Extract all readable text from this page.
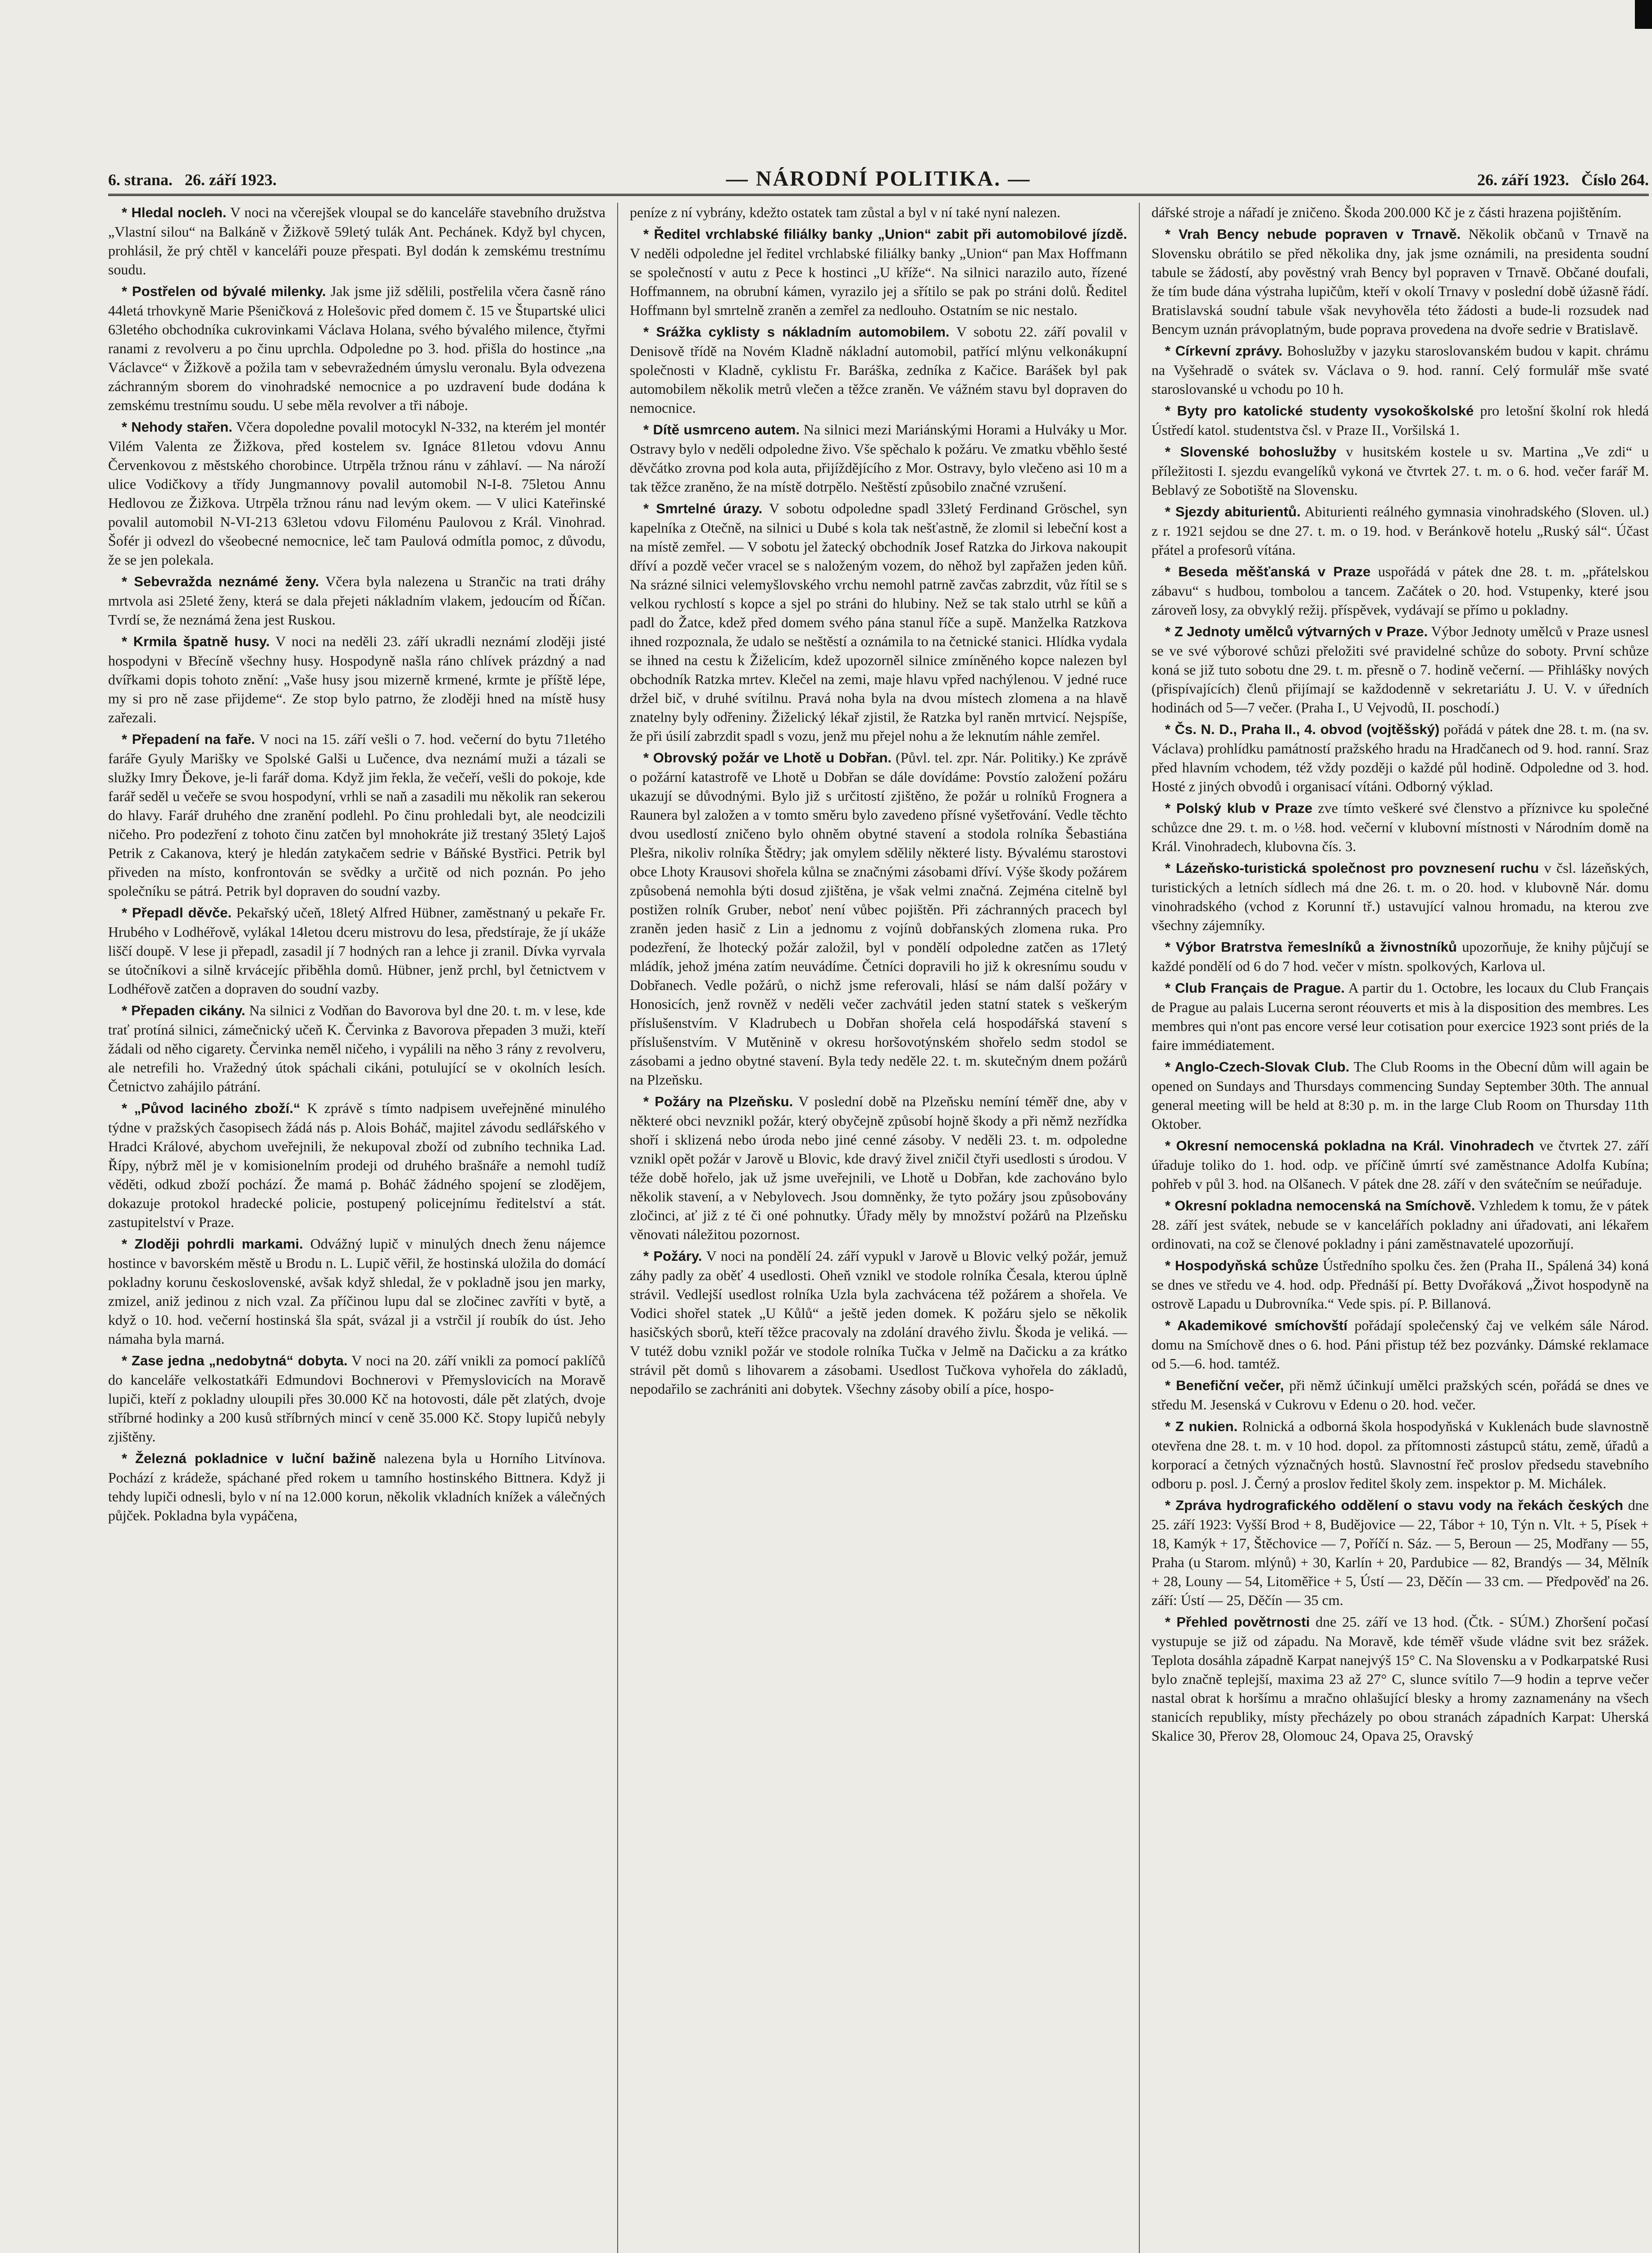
6. strana. 26. září 1923.	— NÁRODNÍ POLITIKA. —	26. září 1923. Číslo 264.

* Hledal nocleh. V noci na včerejšek vloupal se do kanceláře stavebního družstva „Vlastní silou“ na Balkáně v Žižkově 59letý tulák Ant. Pechánek. Když byl chycen, prohlásil, že prý chtěl v kanceláři pouze přespati. Byl dodán k zemskému trestnímu soudu.

* Postřelen od bývalé milenky. Jak jsme již sdělili, postřelila včera časně ráno 44letá trhovkyně Marie Pšeničková z Holešovic před domem č. 15 ve Štupartské ulici 63letého obchodníka cukrovinkami Václava Holana, svého bývalého milence, čtyřmi ranami z revolveru a po činu uprchla. Odpoledne po 3. hod. přišla do hostince „na Václavce“ v Žižkově a požila tam v sebevražedném úmyslu veronalu. Byla odvezena záchranným sborem do vinohradské nemocnice a po uzdravení bude dodána k zemskému trestnímu soudu. U sebe měla revolver a tři náboje.

* Nehody stařen. Včera dopoledne povalil motocykl N-332, na kterém jel montér Vilém Valenta ze Žižkova, před kostelem sv. Ignáce 81letou vdovu Annu Červenkovou z městského chorobince. Utrpěla tržnou ránu v záhlaví. — Na nároží ulice Vodičkovy a třídy Jungmannovy povalil automobil N-I-8. 75letou Annu Hedlovou ze Žižkova. Utrpěla tržnou ránu nad levým okem. — V ulici Kateřinské povalil automobil N-VI-213 63letou vdovu Filoménu Paulovou z Král. Vinohrad. Šofér ji odvezl do všeobecné nemocnice, leč tam Paulová odmítla pomoc, z důvodu, že se jen polekala.

* Sebevražda neznámé ženy. Včera byla nalezena u Strančic na trati dráhy mrtvola asi 25leté ženy, která se dala přejeti nákladním vlakem, jedoucím od Říčan. Tvrdí se, že neznámá žena jest Ruskou.

* Krmila špatně husy. V noci na neděli 23. září ukradli neznámí zloději jisté hospodyni v Břecíně všechny husy. Hospodyně našla ráno chlívek prázdný a nad dvířkami dopis tohoto znění: „Vaše husy jsou mizerně krmené, krmte je příště lépe, my si pro ně zase přijdeme“. Ze stop bylo patrno, že zloději hned na místě husy zařezali.

* Přepadení na faře. V noci na 15. září vešli o 7. hod. večerní do bytu 71letého faráře Gyuly Marišky ve Spolské Galši u Lučence, dva neznámí muži a tázali se služky Imry Ďekove, je-li farář doma. Když jim řekla, že večeří, vešli do pokoje, kde farář seděl u večeře se svou hospodyní, vrhli se naň a zasadili mu několik ran sekerou do hlavy. Farář druhého dne zranění podlehl. Po činu prohledali byt, ale neodcizili ničeho. Pro podezření z tohoto činu zatčen byl mnohokráte již trestaný 35letý Lajoš Petrik z Cakanova, který je hledán zatykačem sedrie v Báňské Bystřici. Petrik byl přiveden na místo, konfrontován se svědky a určitě od nich poznán. Po jeho společníku se pátrá. Petrik byl dopraven do soudní vazby.

* Přepadl děvče. Pekařský učeň, 18letý Alfred Hübner, zaměstnaný u pekaře Fr. Hrubého v Lodhéřově, vylákal 14letou dceru mistrovu do lesa, předstíraje, že jí ukáže liščí doupě. V lese ji přepadl, zasadil jí 7 hodných ran a lehce ji zranil. Dívka vyrvala se útočníkovi a silně krvácejíc přiběhla domů. Hübner, jenž prchl, byl četnictvem v Lodhéřově zatčen a dopraven do soudní vazby.

* Přepaden cikány. Na silnici z Vodňan do Bavorova byl dne 20. t. m. v lese, kde trať protíná silnici, zámečnický učeň K. Červinka z Bavorova přepaden 3 muži, kteří žádali od něho cigarety. Červinka neměl ničeho, i vypálili na něho 3 rány z revolveru, ale netrefili ho. Vražedný útok spáchali cikáni, potulující se v okolních lesích. Četnictvo zahájilo pátrání.

* „Původ laciného zboží.“ K zprávě s tímto nadpisem uveřejněné minulého týdne v pražských časopisech žádá nás p. Alois Boháč, majitel závodu sedlářského v Hradci Králové, abychom uveřejnili, že nekupoval zboží od zubního technika Lad. Řípy, nýbrž měl je v komisionelním prodeji od druhého brašnáře a nemohl tudíž věděti, odkud zboží pochází. Že mamá p. Boháč žádného spojení se zlodějem, dokazuje protokol hradecké policie, postupený policejnímu ředitelství a stát. zastupitelství v Praze.

* Zloději pohrdli markami. Odvážný lupič v minulých dnech ženu nájemce hostince v bavorském městě u Brodu n. L. Lupič věřil, že hostinská uložila do domácí pokladny korunu československé, avšak když shledal, že v pokladně jsou jen marky, zmizel, aniž jedinou z nich vzal. Za příčinou lupu dal se zločinec zavříti v bytě, a když o 10. hod. večerní hostinská šla spát, svázal ji a vstrčil jí roubík do úst. Jeho námaha byla marná.

* Zase jedna „nedobytná“ dobyta. V noci na 20. září vnikli za pomocí paklíčů do kanceláře velkostatkáři Edmundovi Bochnerovi v Přemyslovicích na Moravě lupiči, kteří z pokladny uloupili přes 30.000 Kč na hotovosti, dále pět zlatých, dvoje stříbrné hodinky a 200 kusů stříbrných mincí v ceně 35.000 Kč. Stopy lupičů nebyly zjištěny.

* Železná pokladnice v luční bažině nalezena byla u Horního Litvínova. Pochází z krádeže, spáchané před rokem u tamního hostinského Bittnera. Když ji tehdy lupiči odnesli, bylo v ní na 12.000 korun, několik vkladních knížek a válečných půjček. Pokladna byla vypáčena,

peníze z ní vybrány, kdežto ostatek tam zůstal a byl v ní také nyní nalezen.

* Ředitel vrchlabské filiálky banky „Union“ zabit při automobilové jízdě. V neděli odpoledne jel ředitel vrchlabské filiálky banky „Union“ pan Max Hoffmann se společností v autu z Pece k hostinci „U kříže“. Na silnici narazilo auto, řízené Hoffmannem, na obrubní kámen, vyrazilo jej a sřítilo se pak po stráni dolů. Ředitel Hoffmann byl smrtelně zraněn a zemřel za nedlouho. Ostatním se nic nestalo.

* Srážka cyklisty s nákladním automobilem. V sobotu 22. září povalil v Denisově třídě na Novém Kladně nákladní automobil, patřící mlýnu velkonákupní společnosti v Kladně, cyklistu Fr. Baráška, zedníka z Kačice. Barášek byl pak automobilem několik metrů vlečen a těžce zraněn. Ve vážném stavu byl dopraven do nemocnice.

* Dítě usmrceno autem. Na silnici mezi Mariánskými Horami a Hulváky u Mor. Ostravy bylo v neděli odpoledne živo. Vše spěchalo k požáru. Ve zmatku vběhlo šesté děvčátko zrovna pod kola auta, přijíždějícího z Mor. Ostravy, bylo vlečeno asi 10 m a tak těžce zraněno, že na místě dotrpělo. Neštěstí způsobilo značné vzrušení.

* Smrtelné úrazy. V sobotu odpoledne spadl 33letý Ferdinand Gröschel, syn kapelníka z Otečně, na silnici u Dubé s kola tak nešťastně, že zlomil si lebeční kost a na místě zemřel. — V sobotu jel žatecký obchodník Josef Ratzka do Jirkova nakoupit dříví a pozdě večer vracel se s naloženým vozem, do něhož byl zapřažen jeden kůň. Na srázné silnici velemyšlovského vrchu nemohl patrně zavčas zabrzdit, vůz řítil se s velkou rychlostí s kopce a sjel po stráni do hlubiny. Než se tak stalo utrhl se kůň a padl do Žatce, kdež před domem svého pána stanul říče a supě. Manželka Ratzkova ihned rozpoznala, že udalo se neštěstí a oznámila to na četnické stanici. Hlídka vydala se ihned na cestu k Žiželicím, kdež upozorněl silnice zmíněného kopce nalezen byl obchodník Ratzka mrtev. Klečel na zemi, maje hlavu vpřed nachýlenou. V jedné ruce držel bič, v druhé svítilnu. Pravá noha byla na dvou místech zlomena a na hlavě znatelny byly odřeniny. Žiželický lékař zjistil, že Ratzka byl raněn mrtvicí. Nejspíše, že při úsilí zabrzdit spadl s vozu, jenž mu přejel nohu a že leknutím náhle zemřel.

* Obrovský požár ve Lhotě u Dobřan. (Půvl. tel. zpr. Nár. Politiky.) Ke zprávě o požární katastrofě ve Lhotě u Dobřan se dále dovídáme: Povstío založení požáru ukazují se důvodnými. Bylo již s určitostí zjištěno, že požár u rolníků Frognera a Raunera byl založen a v tomto směru bylo zavedeno přísné vyšetřování. Vedle těchto dvou usedlostí zničeno bylo ohněm obytné stavení a stodola rolníka Šebastiána Plešra, nikoliv rolníka Štědry; jak omylem sdělily některé listy. Bývalému starostovi obce Lhoty Krausovi shořela kůlna se značnými zásobami dříví. Výše škody požárem způsobená nemohla býti dosud zjištěna, je však velmi značná. Zejména citelně byl postižen rolník Gruber, neboť není vůbec pojištěn. Při záchranných pracech byl zraněn jeden hasič z Lin a jednomu z vojínů dobřanských zlomena ruka. Pro podezření, že lhotecký požár založil, byl v pondělí odpoledne zatčen as 17letý mládík, jehož jména zatím neuvádíme. Četníci dopravili ho již k okresnímu soudu v Dobřanech. Vedle požárů, o nichž jsme referovali, hlásí se nám další požáry v Honosicích, jenž rovněž v neděli večer zachvátil jeden statní statek s veškerým příslušenstvím. V Kladrubech u Dobřan shořela celá hospodářská stavení s příslušenstvím. V Mutěnině v okresu horšovotýnském shořelo sedm stodol se zásobami a jedno obytné stavení. Byla tedy neděle 22. t. m. skutečným dnem požárů na Plzeňsku.

* Požáry na Plzeňsku. V poslední době na Plzeňsku nemíní téměř dne, aby v některé obci nevznikl požár, který obyčejně způsobí hojně škody a při němž nezřídka shoří i sklizená nebo úroda nebo jiné cenné zásoby. V neděli 23. t. m. odpoledne vznikl opět požár v Jarově u Blovic, kde dravý živel zničil čtyři usedlosti s úrodou. V téže době hořelo, jak už jsme uveřejnili, ve Lhotě u Dobřan, kde zachováno bylo několik stavení, a v Nebylovech. Jsou domněnky, že tyto požáry jsou způsobovány zločinci, ať již z té či oné pohnutky. Úřady měly by množství požárů na Plzeňsku věnovati náležitou pozornost.

* Požáry. V noci na pondělí 24. září vypukl v Jarově u Blovic velký požár, jemuž záhy padly za oběť 4 usedlosti. Oheň vznikl ve stodole rolníka Česala, kterou úplně strávil. Vedlejší usedlost rolníka Uzla byla zachvácena též požárem a shořela. Ve Vodici shořel statek „U Kůlů“ a ještě jeden domek. K požáru sjelo se několik hasičských sborů, kteří těžce pracovaly na zdolání dravého živlu. Škoda je veliká. — V tutéž dobu vznikl požár ve stodole rolníka Tučka v Jelmě na Dačicku a za krátko strávil pět domů s lihovarem a zásobami. Usedlost Tučkova vyhořela do základů, nepodařilo se zachrániti ani dobytek. Všechny zásoby obilí a píce, hospo-

dářské stroje a nářadí je zničeno. Škoda 200.000 Kč je z části hrazena pojištěním.

* Vrah Bency nebude popraven v Trnavě. Několik občanů v Trnavě na Slovensku obrátilo se před několika dny, jak jsme oznámili, na presidenta soudní tabule se žádostí, aby pověstný vrah Bency byl popraven v Trnavě. Občané doufali, že tím bude dána výstraha lupičům, kteří v okolí Trnavy v poslední době úžasně řádí. Bratislavská soudní tabule však nevyhověla této žádosti a bude-li rozsudek nad Bencym uznán právoplatným, bude poprava provedena na dvoře sedrie v Bratislavě.

* Církevní zprávy. Bohoslužby v jazyku staroslovanském budou v kapit. chrámu na Vyšehradě o svátek sv. Václava o 9. hod. ranní. Celý formulář mše svaté staroslovanské u vchodu po 10 h.

* Byty pro katolické studenty vysokoškolské pro letošní školní rok hledá Ústředí katol. studentstva čsl. v Praze II., Voršilská 1.

* Slovenské bohoslužby v husitském kostele u sv. Martina „Ve zdi“ u příležitosti I. sjezdu evangelíků vykoná ve čtvrtek 27. t. m. o 6. hod. večer farář M. Beblavý ze Sobotiště na Slovensku.

* Sjezdy abiturientů. Abiturienti reálného gymnasia vinohradského (Sloven. ul.) z r. 1921 sejdou se dne 27. t. m. o 19. hod. v Beránkově hotelu „Ruský sál“. Účast přátel a profesorů vítána.

* Beseda měšťanská v Praze uspořádá v pátek dne 28. t. m. „přátelskou zábavu“ s hudbou, tombolou a tancem. Začátek o 20. hod. Vstupenky, které jsou zároveň losy, za obvyklý režij. příspěvek, vydávají se přímo u pokladny.

* Z Jednoty umělců výtvarných v Praze. Výbor Jednoty umělců v Praze usnesl se ve své výborové schůzi přeložiti své pravidelné schůze do soboty. První schůze koná se již tuto sobotu dne 29. t. m. přesně o 7. hodině večerní. — Přihlášky nových (přispívajících) členů přijímají se každodenně v sekretariátu J. U. V. v úředních hodinách od 5—7 večer. (Praha I., U Vejvodů, II. poschodí.)

* Čs. N. D., Praha II., 4. obvod (vojtěšský) pořádá v pátek dne 28. t. m. (na sv. Václava) prohlídku památností pražského hradu na Hradčanech od 9. hod. ranní. Sraz před hlavním vchodem, též vždy později o každé půl hodině. Odpoledne od 3. hod. Hosté z jiných obvodů i organisací vítáni. Odborný výklad.

* Polský klub v Praze zve tímto veškeré své členstvo a příznivce ku společné schůzce dne 29. t. m. o ½8. hod. večerní v klubovní místnosti v Národním domě na Král. Vinohradech, klubovna čís. 3.

* Lázeňsko-turistická společnost pro povznesení ruchu v čsl. lázeňských, turistických a letních sídlech má dne 26. t. m. o 20. hod. v klubovně Nár. domu vinohradského (vchod z Korunní tř.) ustavující valnou hromadu, na kterou zve všechny zájemníky.

* Výbor Bratrstva řemeslníků a živnostníků upozorňuje, že knihy půjčují se každé pondělí od 6 do 7 hod. večer v místn. spolkových, Karlova ul.

* Club Français de Prague. A partir du 1. Octobre, les locaux du Club Français de Prague au palais Lucerna seront réouverts et mis à la disposition des membres. Les membres qui n'ont pas encore versé leur cotisation pour exercice 1923 sont priés de la faire immédiatement.

* Anglo-Czech-Slovak Club. The Club Rooms in the Obecní dům will again be opened on Sundays and Thursdays commencing Sunday September 30th. The annual general meeting will be held at 8:30 p. m. in the large Club Room on Thursday 11th Oktober.

* Okresní nemocenská pokladna na Král. Vinohradech ve čtvrtek 27. září úřaduje toliko do 1. hod. odp. ve příčině úmrtí své zaměstnance Adolfa Kubína; pohřeb v půl 3. hod. na Olšanech. V pátek dne 28. září v den svátečním se neúřaduje.

* Okresní pokladna nemocenská na Smíchově. Vzhledem k tomu, že v pátek 28. září jest svátek, nebude se v kancelářích pokladny ani úřadovati, ani lékařem ordinovati, na což se členové pokladny i páni zaměstnavatelé upozorňují.

* Hospodyňská schůze Ústředního spolku čes. žen (Praha II., Spálená 34) koná se dnes ve středu ve 4. hod. odp. Přednáší pí. Betty Dvořáková „Život hospodyně na ostrově Lapadu u Dubrovníka.“ Vede spis. pí. P. Billanová.

* Akademikové smíchovští pořádají společenský čaj ve velkém sále Národ. domu na Smíchově dnes o 6. hod. Páni přistup též bez pozvánky. Dámské reklamace od 5.—6. hod. tamtéž.

* Benefiční večer, při němž účinkují umělci pražských scén, pořádá se dnes ve středu Μ. Jesenská v Cukrovu v Edenu o 20. hod. večer.

* Z nukien. Rolnická a odborná škola hospodyňská v Kuklenách bude slavnostně otevřena dne 28. t. m. v 10 hod. dopol. za přítomnosti zástupců státu, země, úřadů a korporací a četných význačných hostů. Slavnostní řeč proslov předsedu stavebního odboru p. posl. J. Černý a proslov ředitel školy zem. inspektor p. M. Michálek.

* Zpráva hydrografického oddělení o stavu vody na řekách českých dne 25. září 1923: Vyšší Brod + 8, Budějovice — 22, Tábor + 10, Týn n. Vlt. + 5, Písek + 18, Kamýk + 17, Štěchovice — 7, Poříčí n. Sáz. — 5, Beroun — 25, Modřany — 55, Praha (u Starom. mlýnů) + 30, Karlín + 20, Pardubice — 82, Brandýs — 34, Mělník + 28, Louny — 54, Litoměřice + 5, Ústí — 23, Děčín — 33 cm. — Předpověď na 26. září: Ústí — 25, Děčín — 35 cm.

* Přehled povětrnosti dne 25. září ve 13 hod. (Čtk. - SÚM.) Zhoršení počasí vystupuje se již od západu. Na Moravě, kde téměř všude vládne svit bez srážek. Teplota dosáhla západně Karpat nanejvýš 15° C. Na Slovensku a v Podkarpatské Rusi bylo značně teplejší, maxima 23 až 27° C, slunce svítilo 7—9 hodin a teprve večer nastal obrat k horšímu a mračno ohlašující blesky a hromy zaznamenány na všech stanicích republiky, místy přecházely po obou stranách západních Karpat: Uherská Skalice 30, Přerov 28, Olomouc 24, Opava 25, Oravský
